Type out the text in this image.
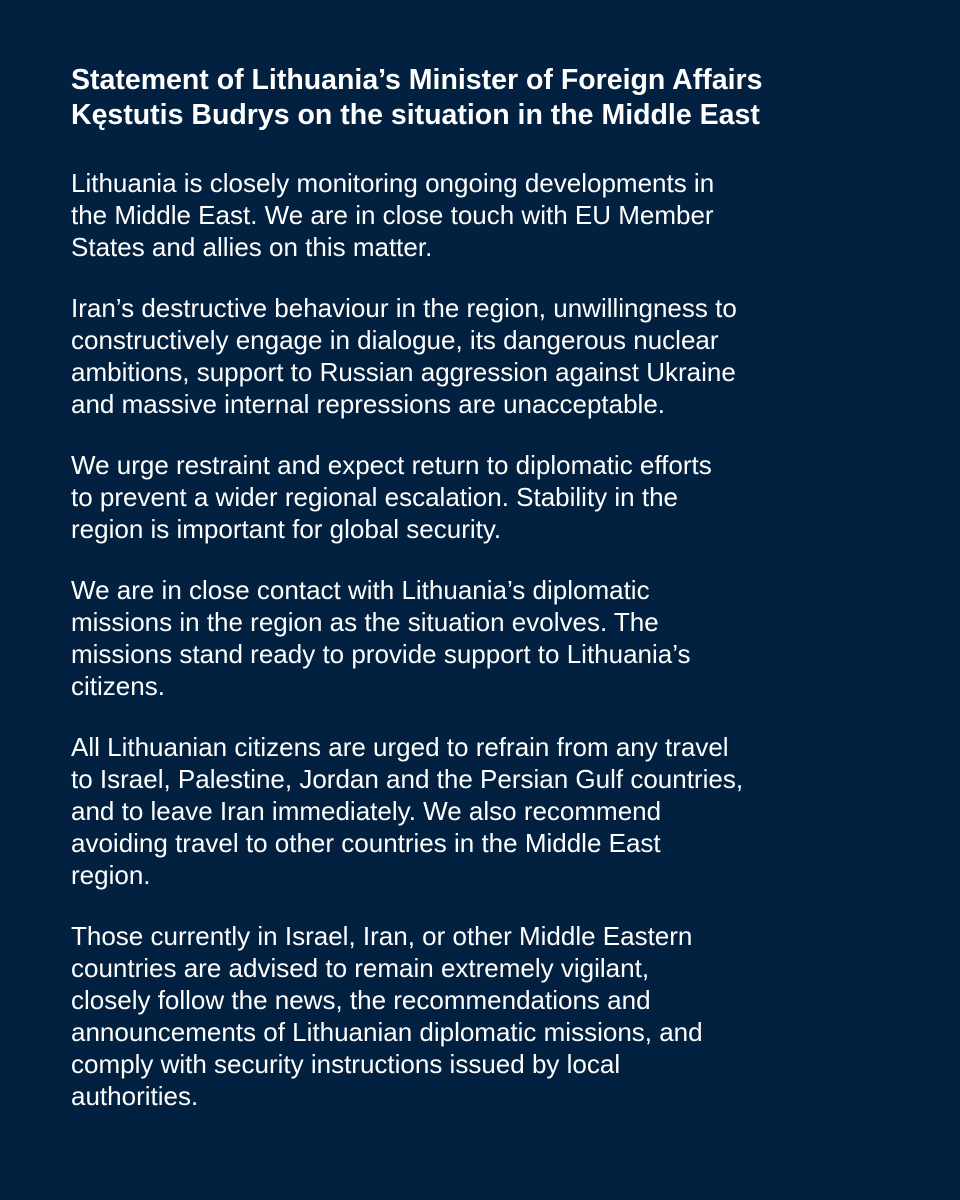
Statement of Lithuania’s Minister of Foreign Affairs
Kęstutis Budrys on the situation in the Middle East

Lithuania is closely monitoring ongoing developments in
the Middle East. We are in close touch with EU Member
States and allies on this matter.

Iran’s destructive behaviour in the region, unwillingness to
constructively engage in dialogue, its dangerous nuclear
ambitions, support to Russian aggression against Ukraine
and massive internal repressions are unacceptable.

We urge restraint and expect return to diplomatic efforts
to prevent a wider regional escalation. Stability in the
region is important for global security.

We are in close contact with Lithuania’s diplomatic
missions in the region as the situation evolves. The
missions stand ready to provide support to Lithuania’s
citizens.

All Lithuanian citizens are urged to refrain from any travel
to Israel, Palestine, Jordan and the Persian Gulf countries,
and to leave Iran immediately. We also recommend
avoiding travel to other countries in the Middle East
region.

Those currently in Israel, Iran, or other Middle Eastern
countries are advised to remain extremely vigilant,
closely follow the news, the recommendations and
announcements of Lithuanian diplomatic missions, and
comply with security instructions issued by local
authorities.
